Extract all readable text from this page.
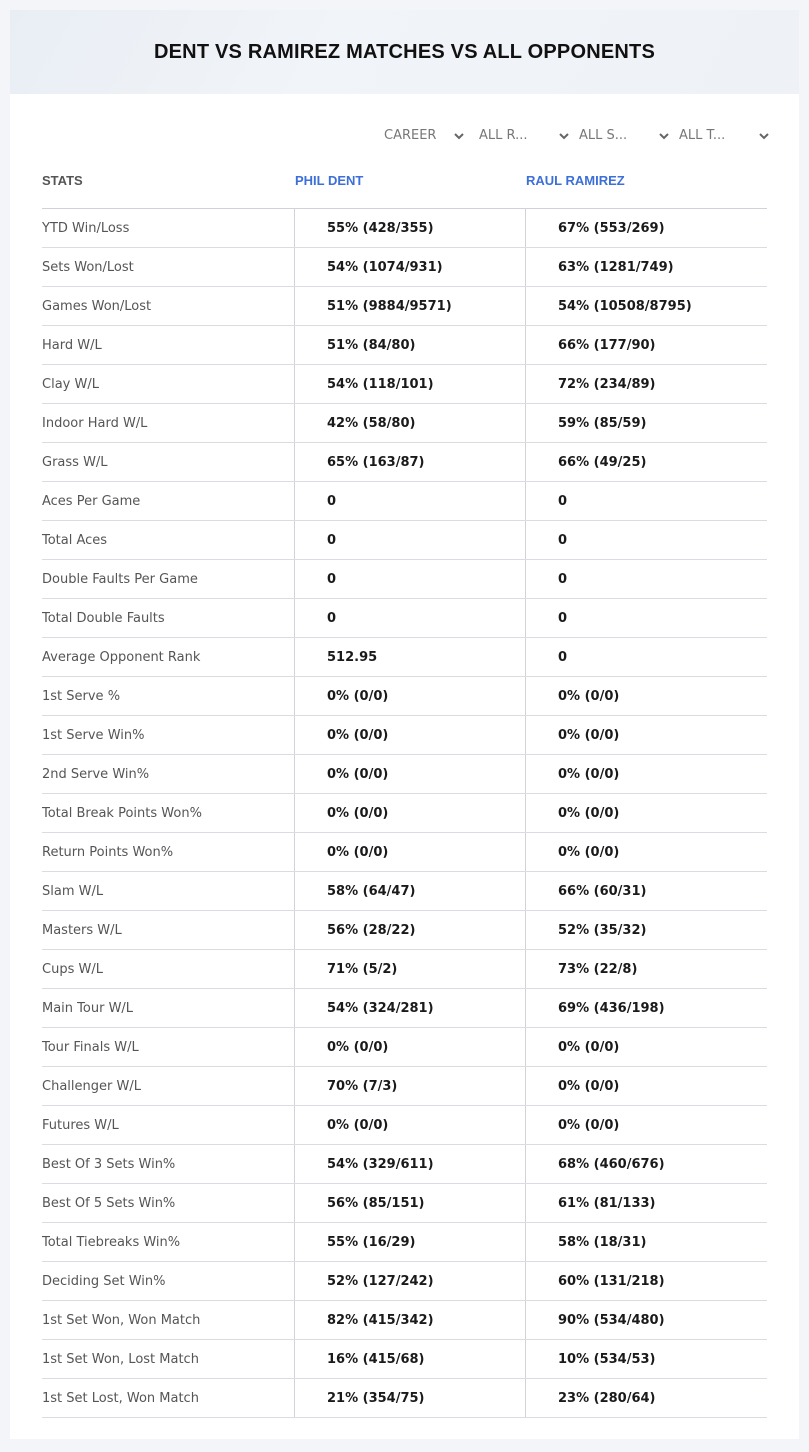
DENT VS RAMIREZ MATCHES VS ALL OPPONENTS
CAREER	ALL R...	ALL S...	ALL T...
STATS	PHIL DENT	RAUL RAMIREZ
YTD Win/Loss	55% (428/355)	67% (553/269)
Sets Won/Lost	54% (1074/931)	63% (1281/749)
Games Won/Lost	51% (9884/9571)	54% (10508/8795)
Hard W/L	51% (84/80)	66% (177/90)
Clay W/L	54% (118/101)	72% (234/89)
Indoor Hard W/L	42% (58/80)	59% (85/59)
Grass W/L	65% (163/87)	66% (49/25)
Aces Per Game	0	0
Total Aces	0	0
Double Faults Per Game	0	0
Total Double Faults	0	0
Average Opponent Rank	512.95	0
1st Serve %	0% (0/0)	0% (0/0)
1st Serve Win%	0% (0/0)	0% (0/0)
2nd Serve Win%	0% (0/0)	0% (0/0)
Total Break Points Won%	0% (0/0)	0% (0/0)
Return Points Won%	0% (0/0)	0% (0/0)
Slam W/L	58% (64/47)	66% (60/31)
Masters W/L	56% (28/22)	52% (35/32)
Cups W/L	71% (5/2)	73% (22/8)
Main Tour W/L	54% (324/281)	69% (436/198)
Tour Finals W/L	0% (0/0)	0% (0/0)
Challenger W/L	70% (7/3)	0% (0/0)
Futures W/L	0% (0/0)	0% (0/0)
Best Of 3 Sets Win%	54% (329/611)	68% (460/676)
Best Of 5 Sets Win%	56% (85/151)	61% (81/133)
Total Tiebreaks Win%	55% (16/29)	58% (18/31)
Deciding Set Win%	52% (127/242)	60% (131/218)
1st Set Won, Won Match	82% (415/342)	90% (534/480)
1st Set Won, Lost Match	16% (415/68)	10% (534/53)
1st Set Lost, Won Match	21% (354/75)	23% (280/64)
